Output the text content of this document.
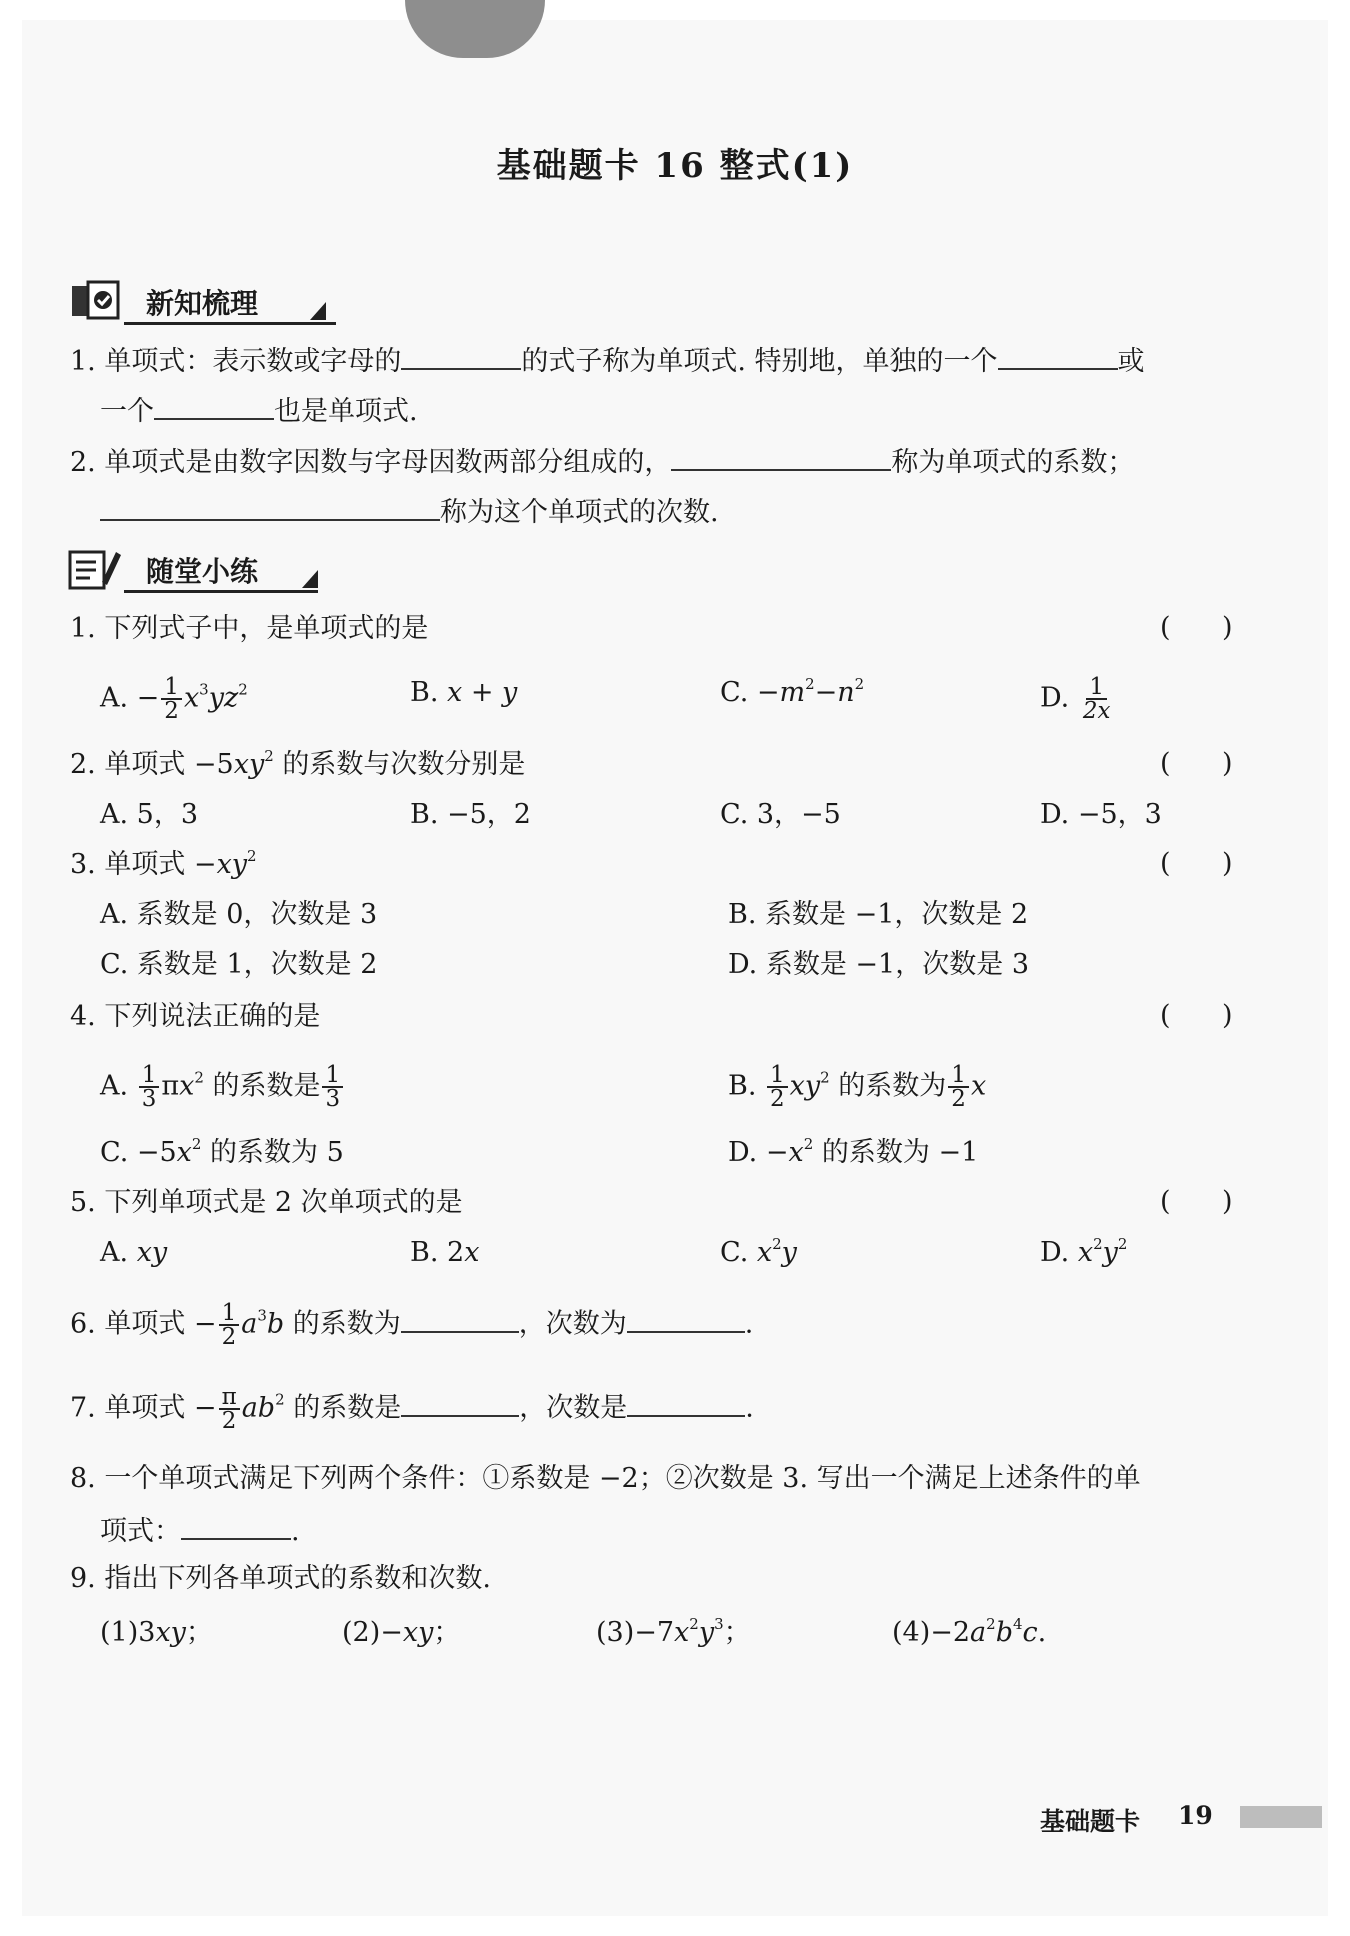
基础题卡 16 整式(1)
新知梳理
1. 单项式：表示数或字母的	的式子称为单项式. 特别地，单独的一个	或
一个	也是单项式.
2. 单项式是由数字因数与字母因数两部分组成的，	称为单项式的系数；
称为这个单项式的次数.
随堂小练
1. 下列式子中，是单项式的是	(      )
A. − $\frac{1}{2} x^3yz^2$	B. x + y	C. $-m^2-n^2$	D. $\frac{1}{2x}$
2. 单项式 $-5xy^2$ 的系数与次数分别是	(      )
A. 5，3	B. −5，2	C. 3，−5	D. −5，3
3. 单项式 $-xy^2$	(      )
A. 系数是 0，次数是 3	B. 系数是 −1，次数是 2
C. 系数是 1，次数是 2	D. 系数是 −1，次数是 3
4. 下列说法正确的是	(      )
A. $\frac{1}{3} \pi x^2$ 的系数是 $\frac{1}{3}$	B. $\frac{1}{2} xy^2$ 的系数为 $\frac{1}{2}$ x
C. $-5x^2$ 的系数为 5	D. $-x^2$ 的系数为 −1
5. 下列单项式是 2 次单项式的是	(      )
A. xy	B. 2x	C. $x^2y$	D. $x^2y^2$
6. 单项式 − $\frac{1}{2} a^3b$ 的系数为	，次数为	.
7. 单项式 − $\frac{\pi}{2} ab^2$ 的系数是	，次数是	.
8. 一个单项式满足下列两个条件：①系数是 −2；②次数是 3. 写出一个满足上述条件的单
项式：	.
9. 指出下列各单项式的系数和次数.
(1)3xy；	(2)−xy；	$(3)-7x^2y^3$；	$(4)-2a^2b^4c$.
基础题卡 19
